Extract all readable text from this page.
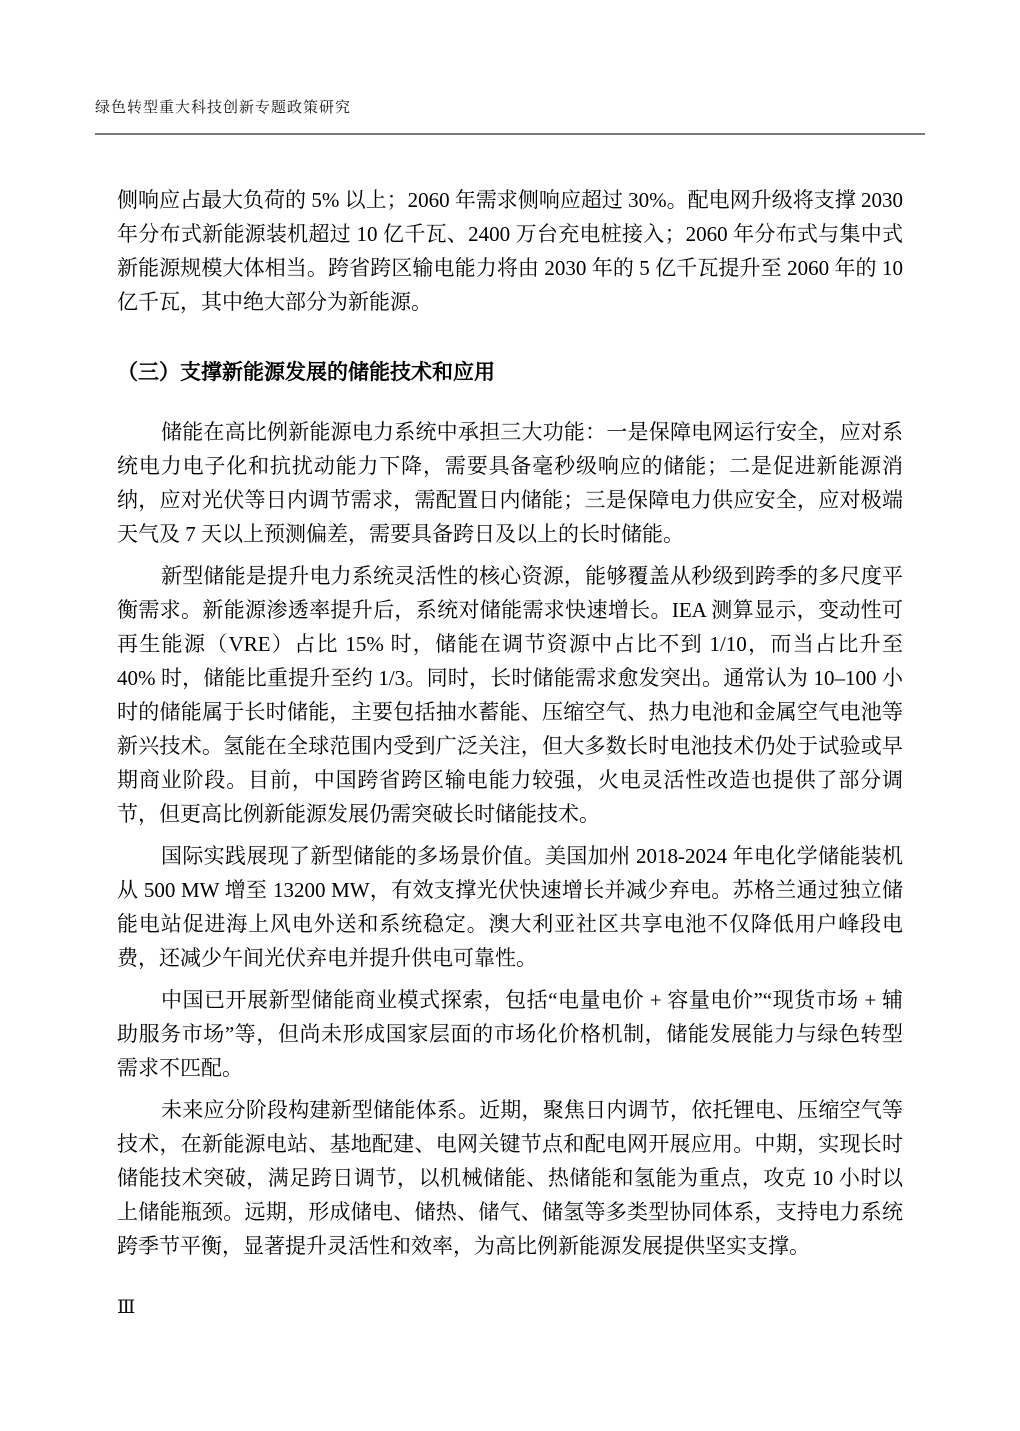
绿色转型重大科技创新专题政策研究

侧响应占最大负荷的 5% 以上；2060 年需求侧响应超过 30%。配电网升级将支撑 2030 年分布式新能源装机超过 10 亿千瓦、2400 万台充电桩接入；2060 年分布式与集中式新能源规模大体相当。跨省跨区输电能力将由 2030 年的 5 亿千瓦提升至 2060 年的 10 亿千瓦，其中绝大部分为新能源。

（三）支撑新能源发展的储能技术和应用

储能在高比例新能源电力系统中承担三大功能：一是保障电网运行安全，应对系统电力电子化和抗扰动能力下降，需要具备毫秒级响应的储能；二是促进新能源消纳，应对光伏等日内调节需求，需配置日内储能；三是保障电力供应安全，应对极端天气及 7 天以上预测偏差，需要具备跨日及以上的长时储能。

新型储能是提升电力系统灵活性的核心资源，能够覆盖从秒级到跨季的多尺度平衡需求。新能源渗透率提升后，系统对储能需求快速增长。IEA 测算显示，变动性可再生能源（VRE）占比 15% 时，储能在调节资源中占比不到 1/10，而当占比升至 40% 时，储能比重提升至约 1/3。同时，长时储能需求愈发突出。通常认为 10–100 小时的储能属于长时储能，主要包括抽水蓄能、压缩空气、热力电池和金属空气电池等新兴技术。氢能在全球范围内受到广泛关注，但大多数长时电池技术仍处于试验或早期商业阶段。目前，中国跨省跨区输电能力较强，火电灵活性改造也提供了部分调节，但更高比例新能源发展仍需突破长时储能技术。

国际实践展现了新型储能的多场景价值。美国加州 2018-2024 年电化学储能装机从 500 MW 增至 13200 MW，有效支撑光伏快速增长并减少弃电。苏格兰通过独立储能电站促进海上风电外送和系统稳定。澳大利亚社区共享电池不仅降低用户峰段电费，还减少午间光伏弃电并提升供电可靠性。

中国已开展新型储能商业模式探索，包括“电量电价 + 容量电价”“现货市场 + 辅助服务市场”等，但尚未形成国家层面的市场化价格机制，储能发展能力与绿色转型需求不匹配。

未来应分阶段构建新型储能体系。近期，聚焦日内调节，依托锂电、压缩空气等技术，在新能源电站、基地配建、电网关键节点和配电网开展应用。中期，实现长时储能技术突破，满足跨日调节，以机械储能、热储能和氢能为重点，攻克 10 小时以上储能瓶颈。远期，形成储电、储热、储气、储氢等多类型协同体系，支持电力系统跨季节平衡，显著提升灵活性和效率，为高比例新能源发展提供坚实支撑。

Ⅲ
